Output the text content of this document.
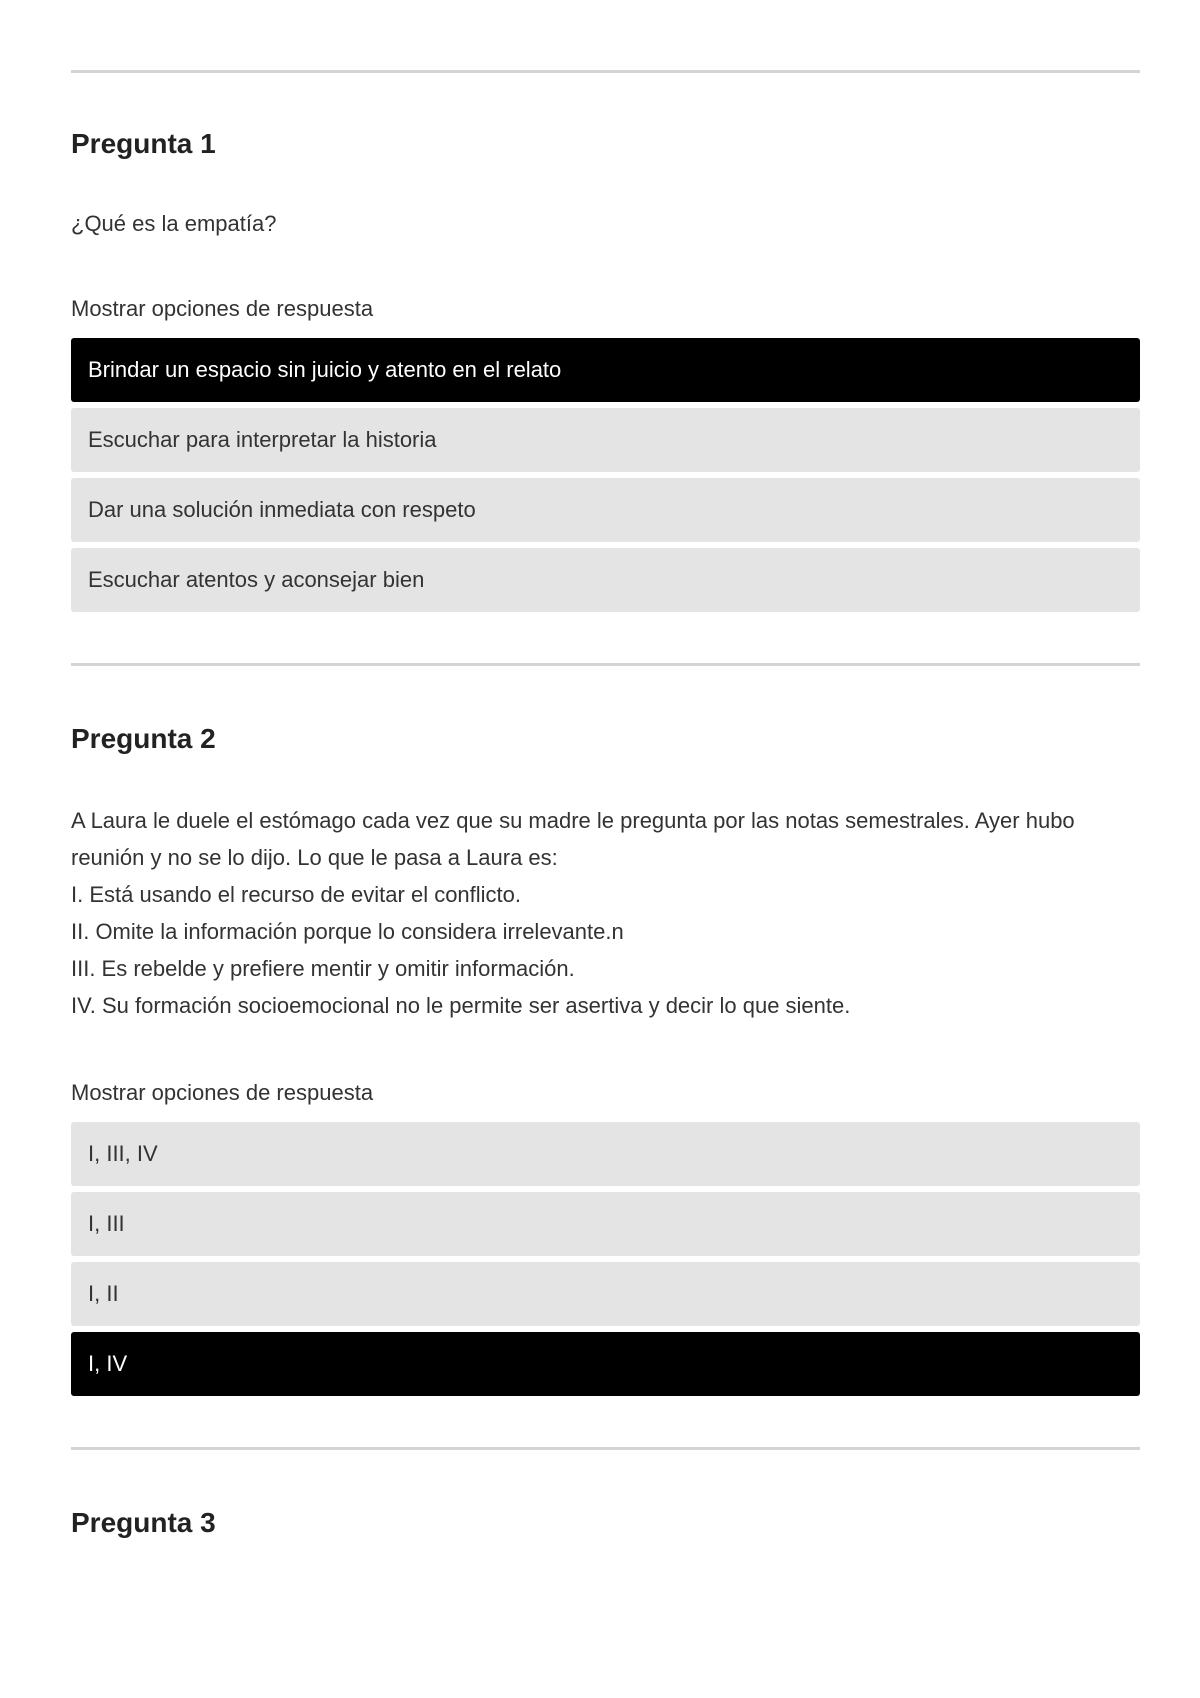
Pregunta 1
¿Qué es la empatía?
Mostrar opciones de respuesta
Brindar un espacio sin juicio y atento en el relato
Escuchar para interpretar la historia
Dar una solución inmediata con respeto
Escuchar atentos y aconsejar bien
Pregunta 2
A Laura le duele el estómago cada vez que su madre le pregunta por las notas semestrales. Ayer hubo
reunión y no se lo dijo. Lo que le pasa a Laura es:
I. Está usando el recurso de evitar el conflicto.
II. Omite la información porque lo considera irrelevante.n
III. Es rebelde y prefiere mentir y omitir información.
IV. Su formación socioemocional no le permite ser asertiva y decir lo que siente.
Mostrar opciones de respuesta
I, III, IV
I, III
I, II
I, IV
Pregunta 3
